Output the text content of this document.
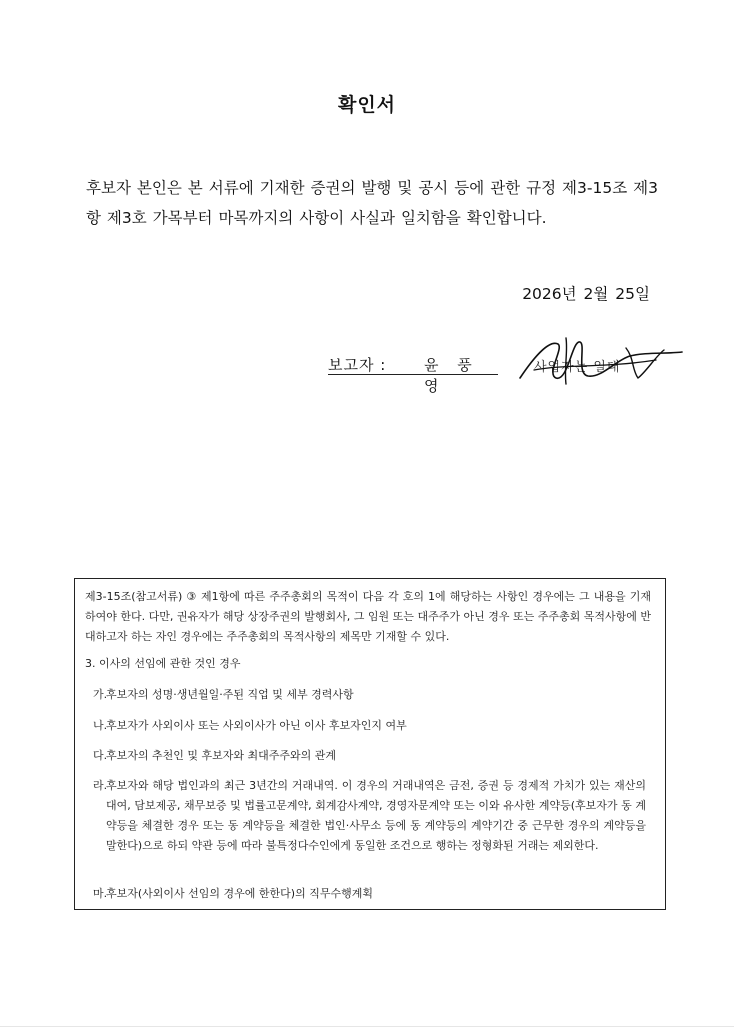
확인서
후보자 본인은 본 서류에 기재한 증권의 발행 및 공시 등에 관한 규정 제3-15조 제3항 제3호 가목부터 마목까지의 사항이 사실과 일치함을 확인합니다.
2026년 2월 25일
보고자 :	윤 풍 영
사업자는 일대
제3-15조(참고서류) ③ 제1항에 따른 주주총회의 목적이 다음 각 호의 1에 해당하는 사항인 경우에는 그 내용을 기재하여야 한다. 다만, 권유자가 해당 상장주권의 발행회사, 그 임원 또는 대주주가 아닌 경우 또는 주주총회 목적사항에 반대하고자 하는 자인 경우에는 주주총회의 목적사항의 제목만 기재할 수 있다.
3. 이사의 선임에 관한 것인 경우
가.
후보자의 성명·생년월일·주된 직업 및 세부 경력사항
나.
후보자가 사외이사 또는 사외이사가 아닌 이사 후보자인지 여부
다.
후보자의 추천인 및 후보자와 최대주주와의 관계
라.
후보자와 해당 법인과의 최근 3년간의 거래내역. 이 경우의 거래내역은 금전, 증권 등 경제적 가치가 있는 재산의 대여, 담보제공, 채무보증 및 법률고문계약, 회계감사계약, 경영자문계약 또는 이와 유사한 계약등(후보자가 동 계약등을 체결한 경우 또는 동 계약등을 체결한 법인·사무소 등에 동 계약등의 계약기간 중 근무한 경우의 계약등을 말한다)으로 하되 약관 등에 따라 불특정다수인에게 동일한 조건으로 행하는 정형화된 거래는 제외한다.
마.
후보자(사외이사 선임의 경우에 한한다)의 직무수행계획
